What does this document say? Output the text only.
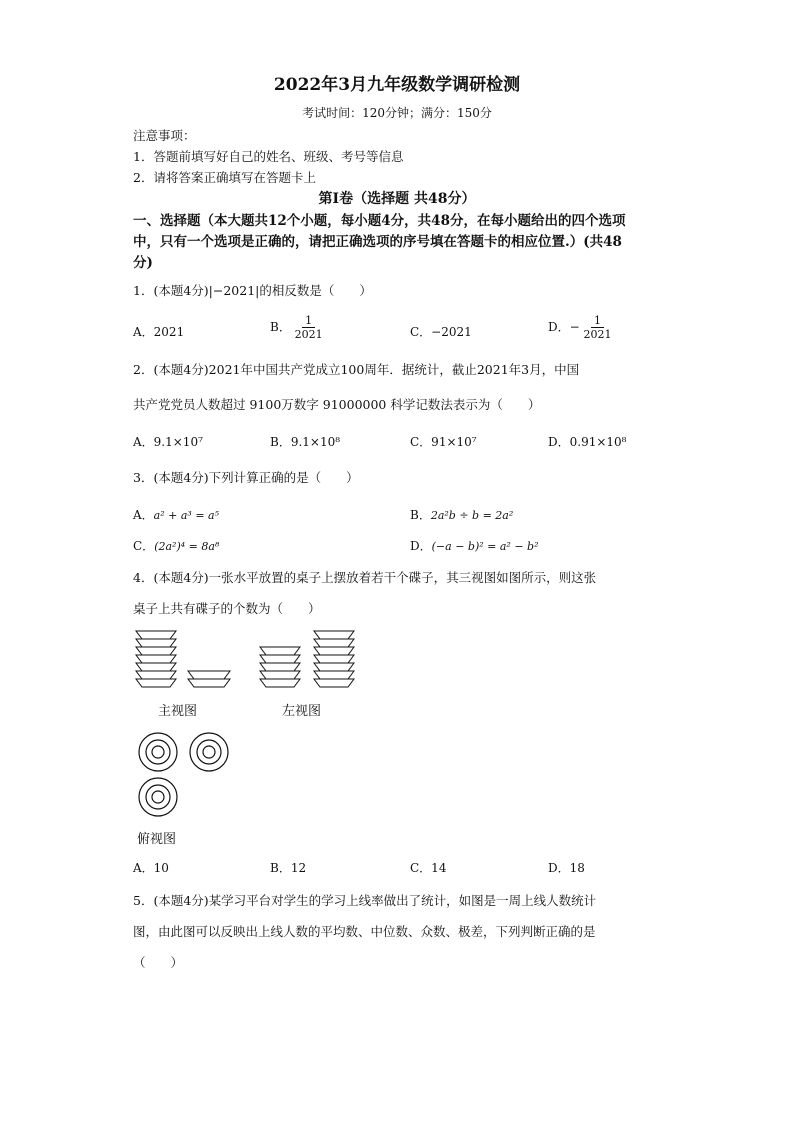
2022年3月九年级数学调研检测
考试时间：120分钟；满分：150分
注意事项：
1．答题前填写好自己的姓名、班级、考号等信息
2．请将答案正确填写在答题卡上
第I卷（选择题 共48分）
一、选择题（本大题共12个小题，每小题4分，共48分，在每小题给出的四个选项
中，只有一个选项是正确的，请把正确选项的序号填在答题卡的相应位置.）(共48
分)
1．(本题4分)|−2021|的相反数是（　　）
A．2021	B． $\frac{1}{2021}$	C．−2021	D．− $\frac{1}{2021}$
2．(本题4分)2021年中国共产党成立100周年．据统计，截止2021年3月，中国
共产党党员人数超过 9100万数字 91000000 科学记数法表示为（　　）
A．9.1×10⁷	B．9.1×10⁸	C．91×10⁷	D．0.91×10⁸
3．(本题4分)下列计算正确的是（　　）
A．a² + a³ = a⁵	B．2a²b ÷ b = 2a²
C．(2a²)⁴ = 8a⁸	D．(−a − b)² = a² − b²
4．(本题4分)一张水平放置的桌子上摆放着若干个碟子，其三视图如图所示，则这张
桌子上共有碟子的个数为（　　）
主视图	左视图
俯视图
A．10	B．12	C．14	D．18
5．(本题4分)某学习平台对学生的学习上线率做出了统计，如图是一周上线人数统计
图，由此图可以反映出上线人数的平均数、中位数、众数、极差，下列判断正确的是
（　　）
